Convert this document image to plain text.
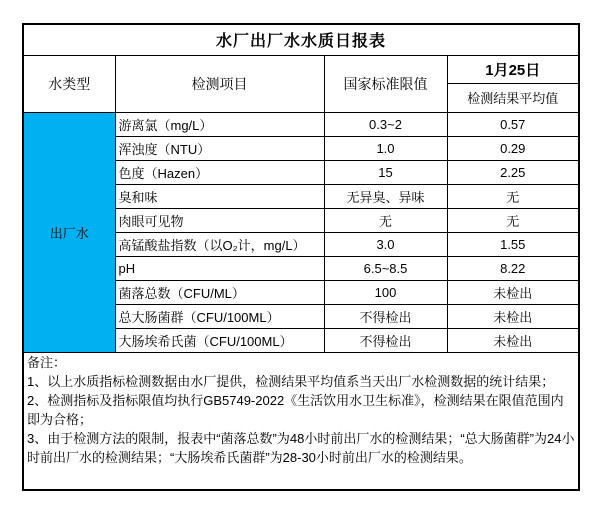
水厂出厂水水质日报表			
水类型	检测项目	国家标准限值	1月25日
			检测结果平均值
出厂水	游离氯（mg/L）	0.3~2	0.57
	浑浊度（NTU）	1.0	0.29
	色度（Hazen）	15	2.25
	臭和味	无异臭、异味	无
	肉眼可见物	无	无
	高锰酸盐指数（以O₂计，mg/L）	3.0	1.55
	pH	6.5~8.5	8.22
	菌落总数（CFU/ML）	100	未检出
	总大肠菌群（CFU/100ML）	不得检出	未检出
	大肠埃希氏菌（CFU/100ML）	不得检出	未检出

备注：
1、以上水质指标检测数据由水厂提供，检测结果平均值系当天出厂水检测数据的统计结果；
2、检测指标及指标限值均执行GB5749-2022《生活饮用水卫生标准》，检测结果在限值范围内即为合格；
3、由于检测方法的限制，报表中“菌落总数”为48小时前出厂水的检测结果；“总大肠菌群”为24小时前出厂水的检测结果；“大肠埃希氏菌群”为28-30小时前出厂水的检测结果。			
